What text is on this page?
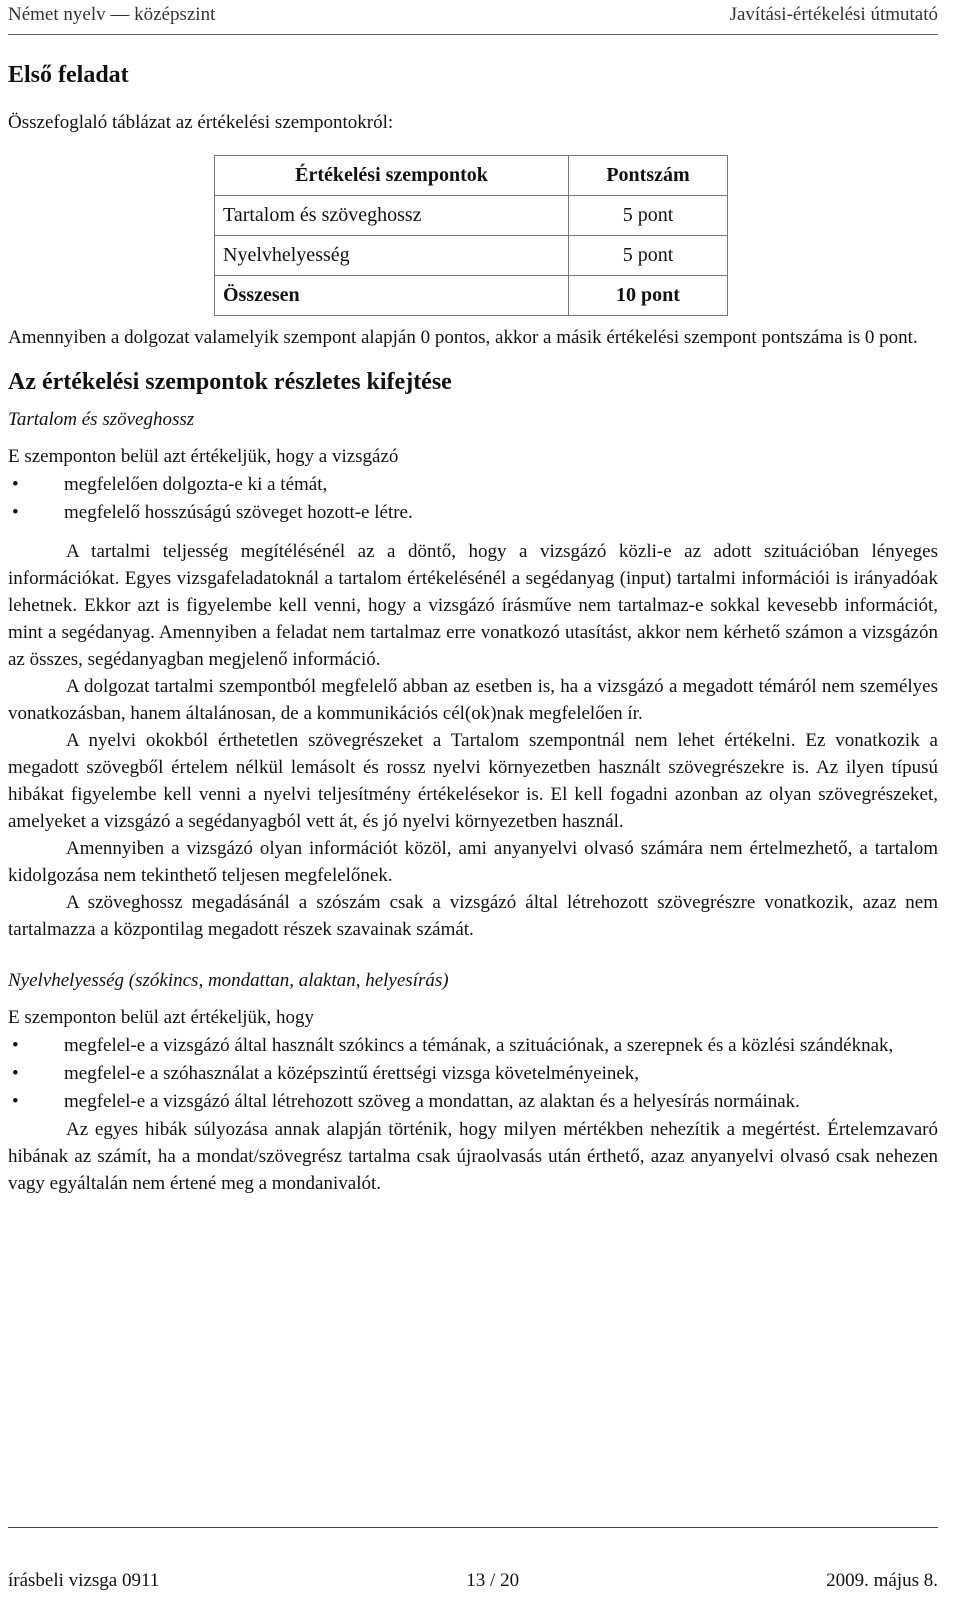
Német nyelv — középszint	Javítási-értékelési útmutató
Első feladat

Összefoglaló táblázat az értékelési szempontokról:

Értékelési szempontok	Pontszám
Tartalom és szöveghossz	5 pont
Nyelvhelyesség	5 pont
Összesen	10 pont

Amennyiben a dolgozat valamelyik szempont alapján 0 pontos, akkor a másik értékelési szempont pontszáma is 0 pont.

Az értékelési szempontok részletes kifejtése
Tartalom és szöveghossz

E szemponton belül azt értékeljük, hogy a vizsgázó

• megfelelően dolgozta-e ki a témát,
• megfelelő hosszúságú szöveget hozott-e létre.

A tartalmi teljesség megítélésénél az a döntő, hogy a vizsgázó közli-e az adott szituációban lényeges információkat. Egyes vizsgafeladatoknál a tartalom értékelésénél a segédanyag (input) tartalmi információi is irányadóak lehetnek. Ekkor azt is figyelembe kell venni, hogy a vizsgázó írásműve nem tartalmaz-e sokkal kevesebb információt, mint a segédanyag. Amennyiben a feladat nem tartalmaz erre vonatkozó utasítást, akkor nem kérhető számon a vizsgázón az összes, segédanyagban megjelenő információ.

A dolgozat tartalmi szempontból megfelelő abban az esetben is, ha a vizsgázó a megadott témáról nem személyes vonatkozásban, hanem általánosan, de a kommunikációs cél(ok)nak megfelelően ír.

A nyelvi okokból érthetetlen szövegrészeket a Tartalom szempontnál nem lehet értékelni. Ez vonatkozik a megadott szövegből értelem nélkül lemásolt és rossz nyelvi környezetben használt szövegrészekre is. Az ilyen típusú hibákat figyelembe kell venni a nyelvi teljesítmény értékelésekor is. El kell fogadni azonban az olyan szövegrészeket, amelyeket a vizsgázó a segédanyagból vett át, és jó nyelvi környezetben használ.

Amennyiben a vizsgázó olyan információt közöl, ami anyanyelvi olvasó számára nem értelmezhető, a tartalom kidolgozása nem tekinthető teljesen megfelelőnek.

A szöveghossz megadásánál a szószám csak a vizsgázó által létrehozott szövegrészre vonatkozik, azaz nem tartalmazza a központilag megadott részek szavainak számát.

Nyelvhelyesség (szókincs, mondattan, alaktan, helyesírás)

E szemponton belül azt értékeljük, hogy

• megfelel-e a vizsgázó által használt szókincs a témának, a szituációnak, a szerepnek és a közlési szándéknak,
• megfelel-e a szóhasználat a középszintű érettségi vizsga követelményeinek,
• megfelel-e a vizsgázó által létrehozott szöveg a mondattan, az alaktan és a helyesírás normáinak.

Az egyes hibák súlyozása annak alapján történik, hogy milyen mértékben nehezítik a megértést. Értelemzavaró hibának az számít, ha a mondat/szövegrész tartalma csak újraolvasás után érthető, azaz anyanyelvi olvasó csak nehezen vagy egyáltalán nem értené meg a mondanivalót.

írásbeli vizsga 0911	13 / 20	2009. május 8.
